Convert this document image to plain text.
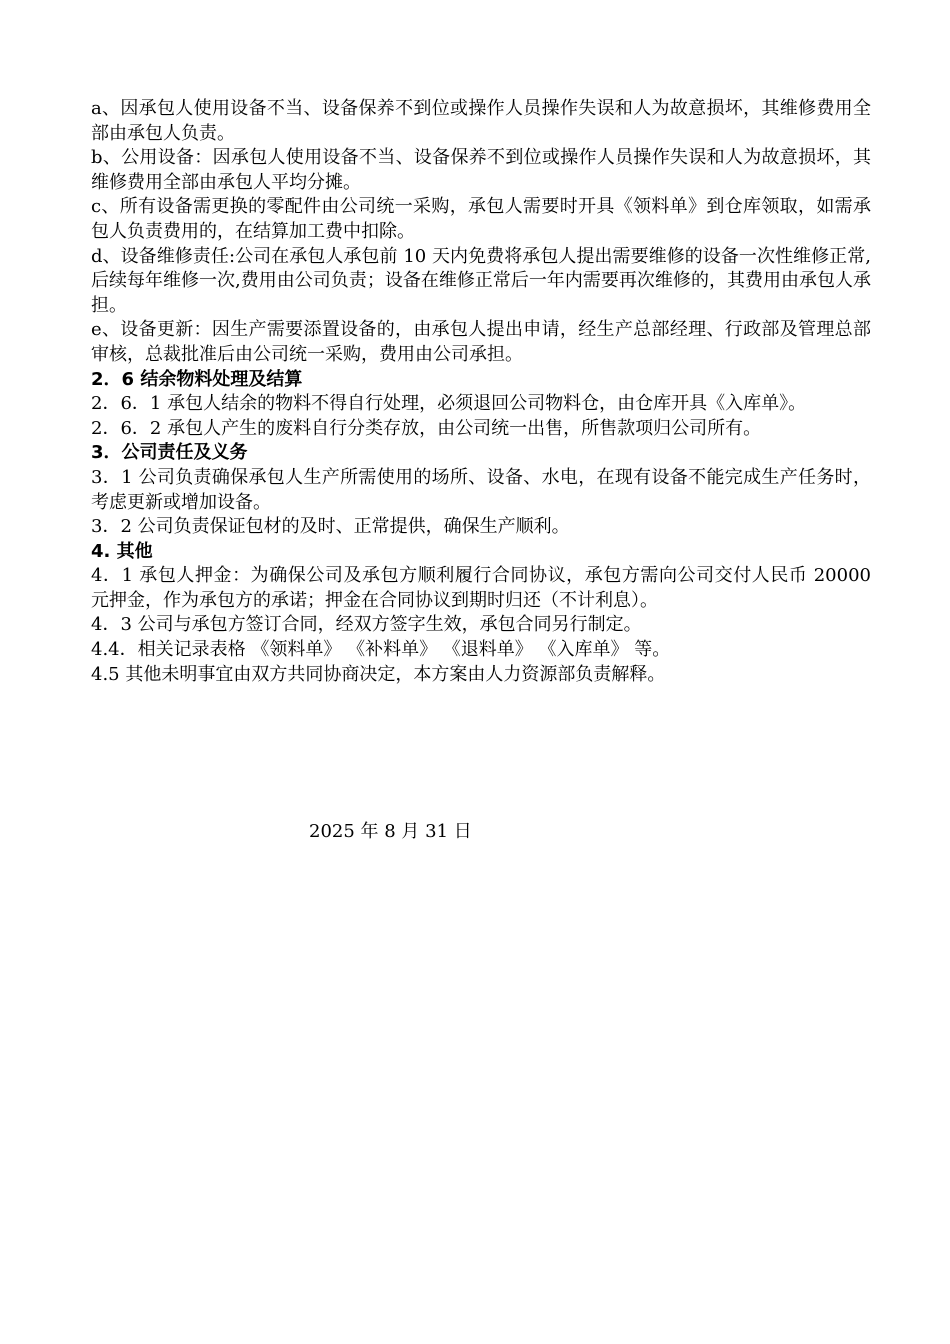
a、因承包人使用设备不当、设备保养不到位或操作人员操作失误和人为故意损坏，其维修费用全部由承包人负责。

b、公用设备：因承包人使用设备不当、设备保养不到位或操作人员操作失误和人为故意损坏，其维修费用全部由承包人平均分摊。

c、所有设备需更换的零配件由公司统一采购，承包人需要时开具《领料单》到仓库领取，如需承包人负责费用的，在结算加工费中扣除。

d、设备维修责任:公司在承包人承包前 10 天内免费将承包人提出需要维修的设备一次性维修正常,后续每年维修一次,费用由公司负责；设备在维修正常后一年内需要再次维修的，其费用由承包人承担。

e、设备更新：因生产需要添置设备的，由承包人提出申请，经生产总部经理、行政部及管理总部审核，总裁批准后由公司统一采购，费用由公司承担。

2．6 结余物料处理及结算

2．6．1 承包人结余的物料不得自行处理，必须退回公司物料仓，由仓库开具《入库单》。

2．6．2 承包人产生的废料自行分类存放，由公司统一出售，所售款项归公司所有。

3．公司责任及义务

3．1 公司负责确保承包人生产所需使用的场所、设备、水电，在现有设备不能完成生产任务时，考虑更新或增加设备。

3．2 公司负责保证包材的及时、正常提供，确保生产顺利。

4. 其他

4．1 承包人押金：为确保公司及承包方顺利履行合同协议，承包方需向公司交付人民币 20000 元押金，作为承包方的承诺；押金在合同协议到期时归还（不计利息）。

4．3 公司与承包方签订合同，经双方签字生效，承包合同另行制定。

4.4．相关记录表格 《领料单》 《补料单》 《退料单》 《入库单》 等。

4.5 其他未明事宜由双方共同协商决定，本方案由人力资源部负责解释。

2025 年 8 月 31 日
